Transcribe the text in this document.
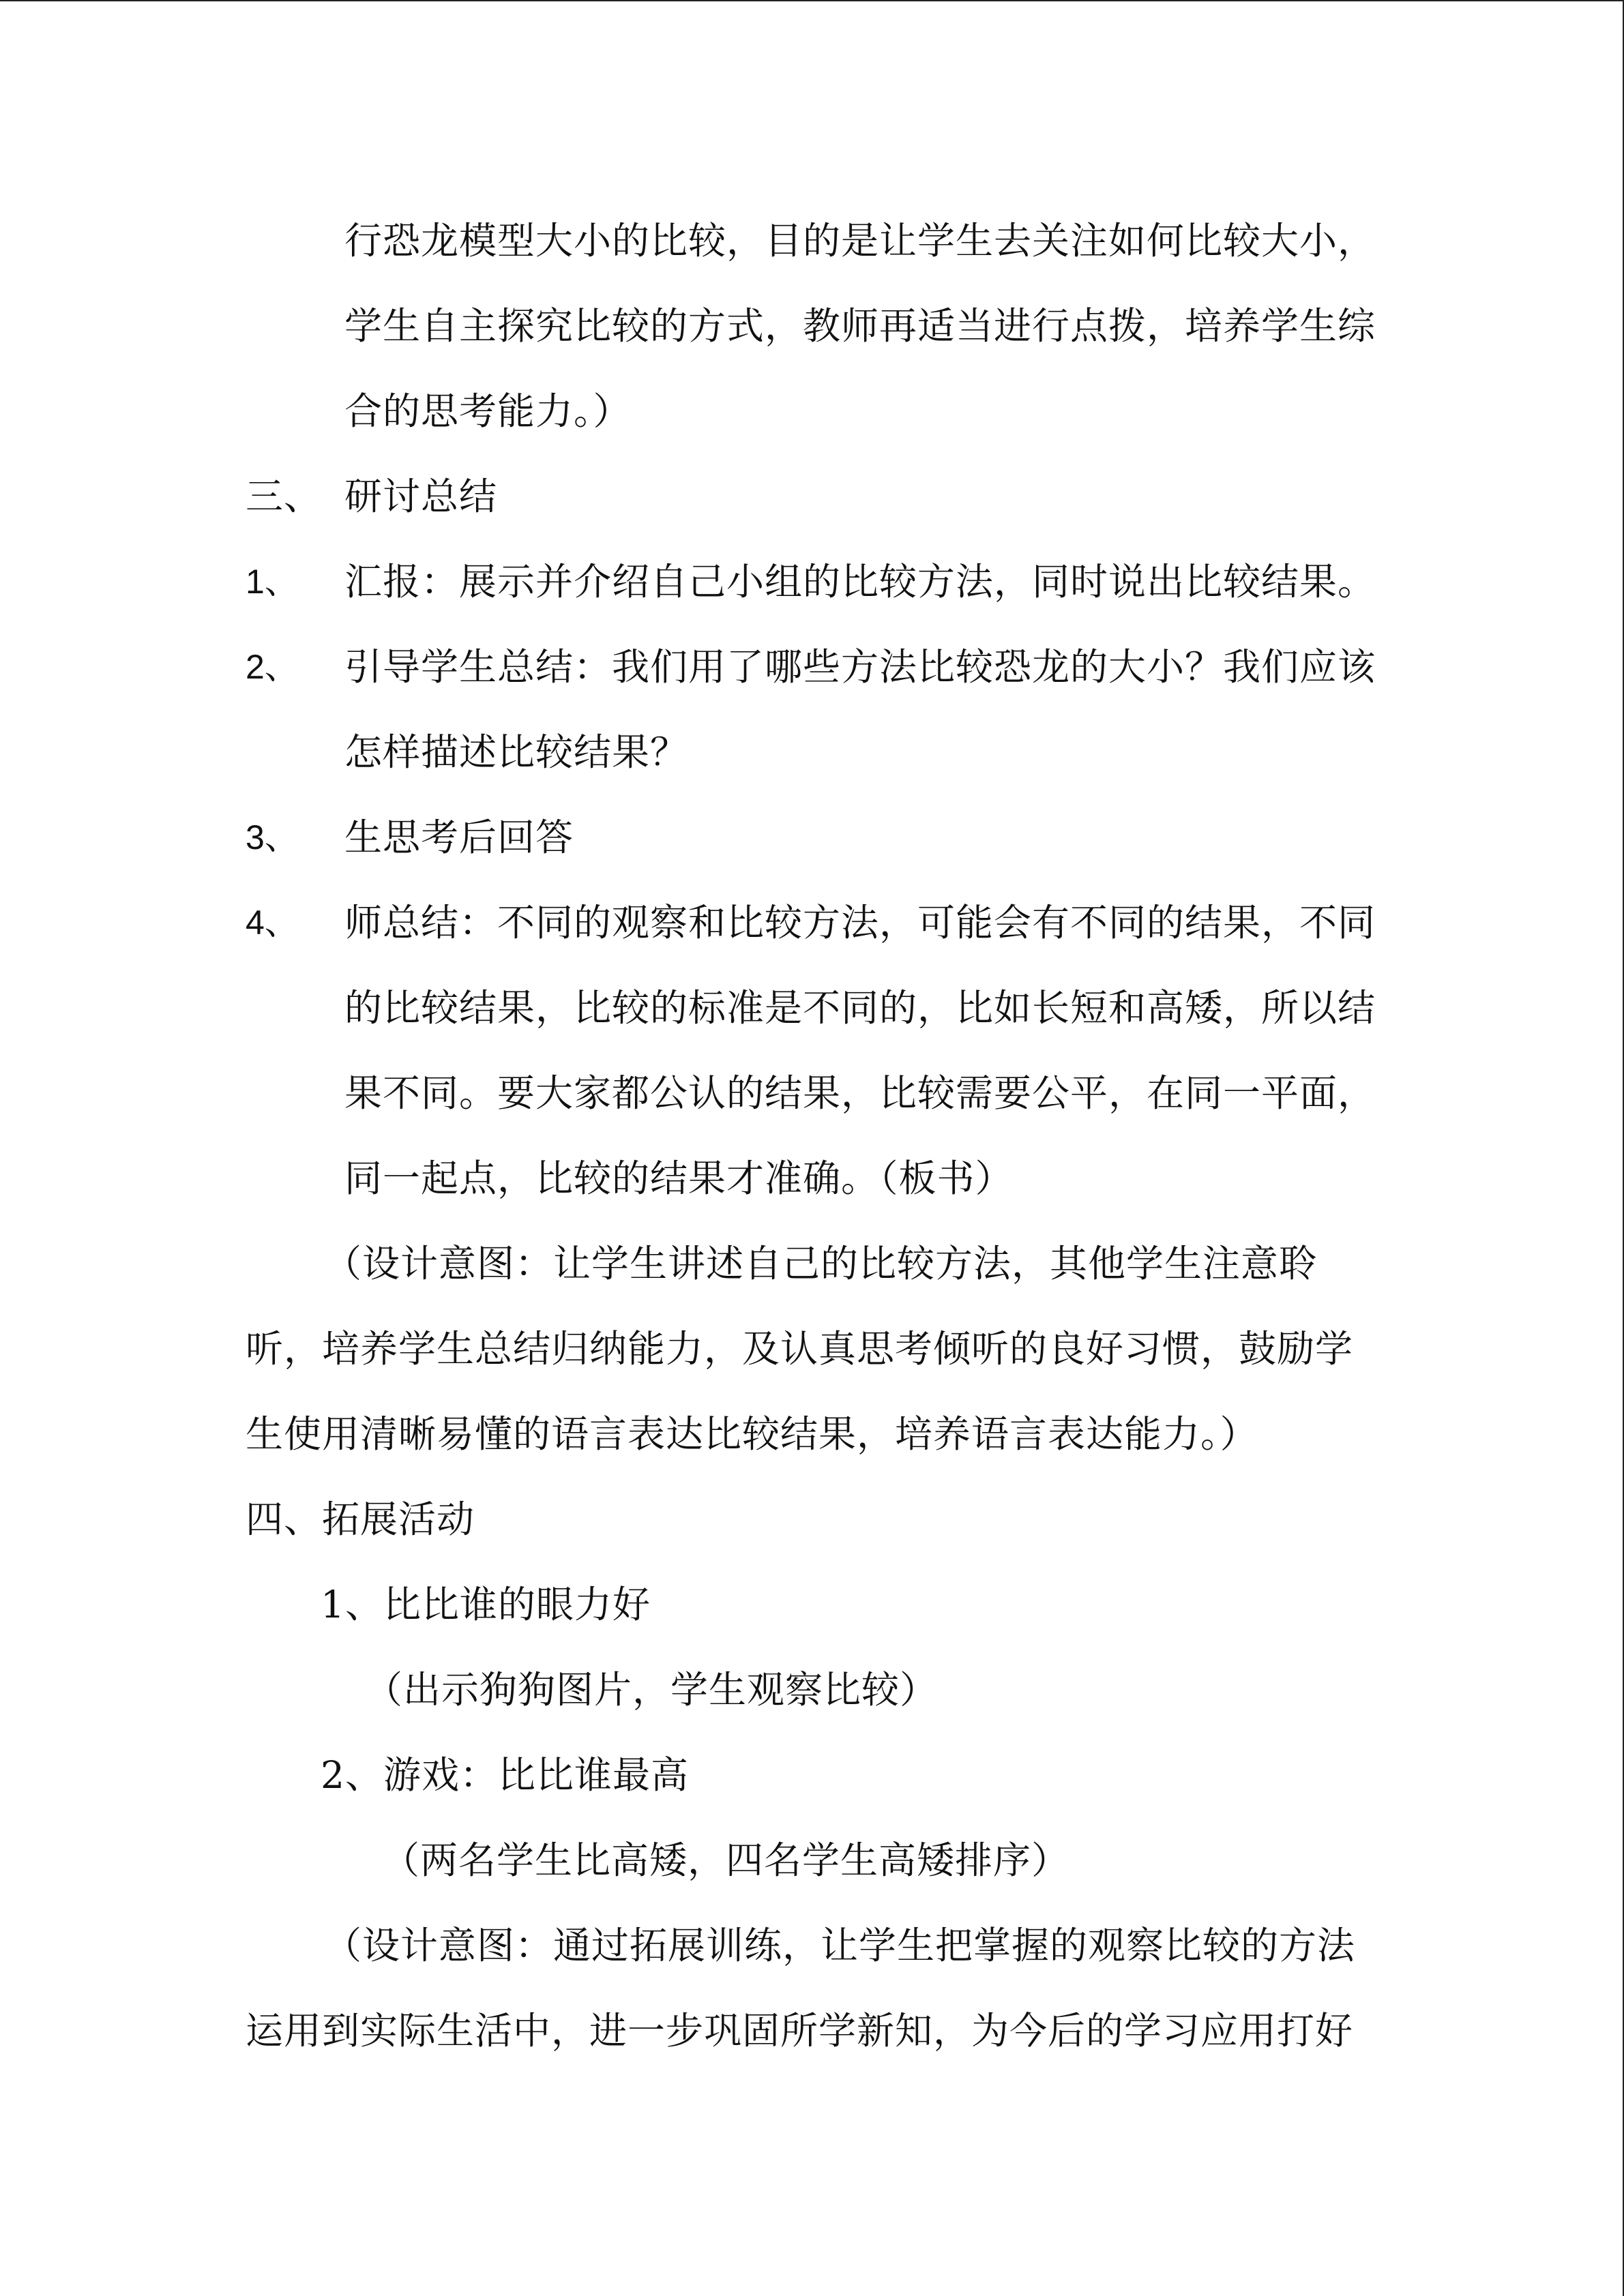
行恐龙模型大小的比较，目的是让学生去关注如何比较大小，
学生自主探究比较的方式，教师再适当进行点拨，培养学生综
合的思考能力。）
三、 研讨总结
1、 汇报：展示并介绍自己小组的比较方法，同时说出比较结果。
2、 引导学生总结：我们用了哪些方法比较恐龙的大小？我们应该
怎样描述比较结果？
3、 生思考后回答
4、 师总结：不同的观察和比较方法，可能会有不同的结果，不同
的比较结果，比较的标准是不同的，比如长短和高矮，所以结
果不同。要大家都公认的结果，比较需要公平，在同一平面，
同一起点，比较的结果才准确。（板书）
（设计意图：让学生讲述自己的比较方法，其他学生注意聆
听，培养学生总结归纳能力，及认真思考倾听的良好习惯，鼓励学
生使用清晰易懂的语言表达比较结果，培养语言表达能力。）
四、拓展活动
1、比比谁的眼力好
（出示狗狗图片，学生观察比较）
2、游戏：比比谁最高
（两名学生比高矮，四名学生高矮排序）
（设计意图：通过拓展训练，让学生把掌握的观察比较的方法
运用到实际生活中，进一步巩固所学新知，为今后的学习应用打好
